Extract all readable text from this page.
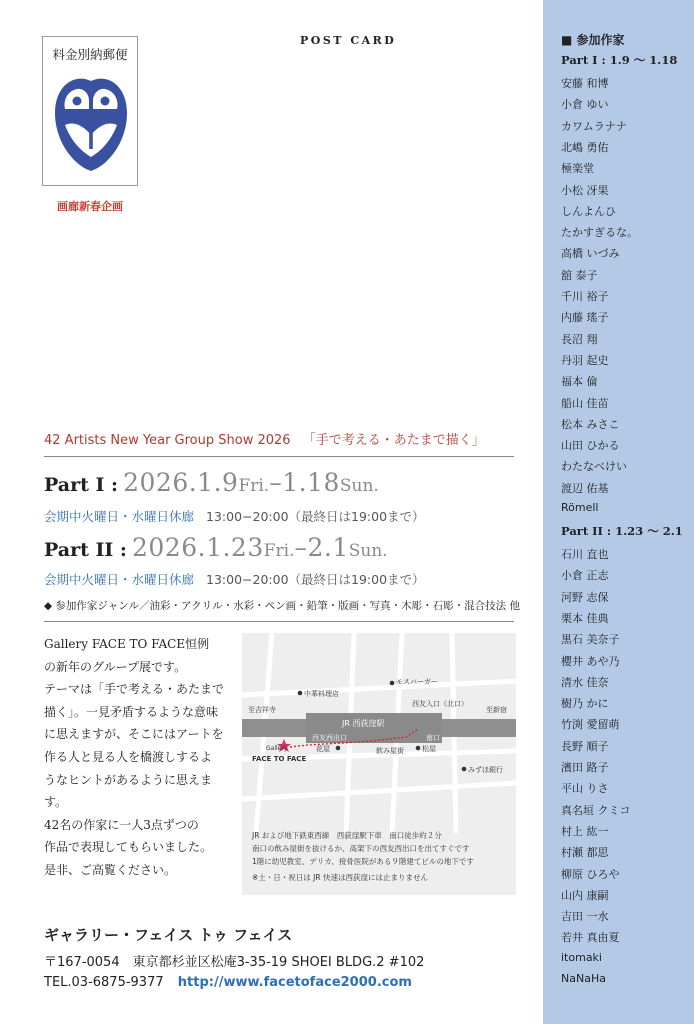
料金別納郵便
画廊新春企画
POST CARD
42 Artists New Year Group Show 2026 「手で考える・あたまで描く」
Part I : 2026.1.9Fri.–1.18Sun.
会期中火曜日・水曜日休廊 13:00−20:00（最終日は19:00まで）
Part II : 2026.1.23Fri.–2.1Sun.
会期中火曜日・水曜日休廊 13:00−20:00（最終日は19:00まで）
◆ 参加作家ジャンル／油彩・アクリル・水彩・ペン画・鉛筆・版画・写真・木彫・石彫・混合技法 他

Gallery FACE TO FACE恒例

の新年のグループ展です。

テーマは「手で考える・あたまで

描く」。一見矛盾するような意味

に思えますが、そこにはアートを

作る人と見る人を橋渡しするよ

うなヒントがあるように思えます。

42名の作家に一人3点ずつの

作品で表現してもらいました。

是非、ご高覧ください。

中華料理店
モスバーガー
至吉祥寺	至新宿
JR 西荻窪駅
西友入口（北口）
西友西出口	南口
Gallery
FACE TO FACE
花屋	飲み屋街	松屋
みずほ銀行
JR および地下鉄東西線　西荻窪駅下車　南口徒歩約２分
南口の飲み屋街を抜けるか、高架下の西友西出口を出てすぐです
1階に幼児教室、デリカ、接骨医院がある９階建てビルの地下です
※土・日・祝日は JR 快速は西荻窪には止まりません
ギャラリー・フェイス トゥ フェイス
〒167-0054　東京都杉並区松庵3-35-19 SHOEI BLDG.2 #102
TEL.03-6875-9377 http://www.facetoface2000.com
■ 参加作家
Part I : 1.9 〜 1.18
安藤 和博
小倉 ゆい
カワムラナナ
北嶋 勇佑
極楽堂
小松 冴果
しんよんひ
たかすぎるな。
高橋 いづみ
舘 泰子
千川 裕子
内藤 瑤子
長沼 翔
丹羽 起史
福本 倫
船山 佳苗
松本 みさこ
山田 ひかる
わたなべけい
渡辺 佑基
Römell
Part II : 1.23 〜 2.1
石川 直也
小倉 正志
河野 志保
栗本 佳典
黒石 美奈子
櫻井 あや乃
清水 佳奈
樹乃 かに
竹渕 愛留萌
長野 順子
濱田 路子
平山 りさ
真名垣 クミコ
村上 紘一
村瀬 都思
柳原 ひろや
山内 康嗣
吉田 一水
若井 真由夏
itomaki
NaNaHa
